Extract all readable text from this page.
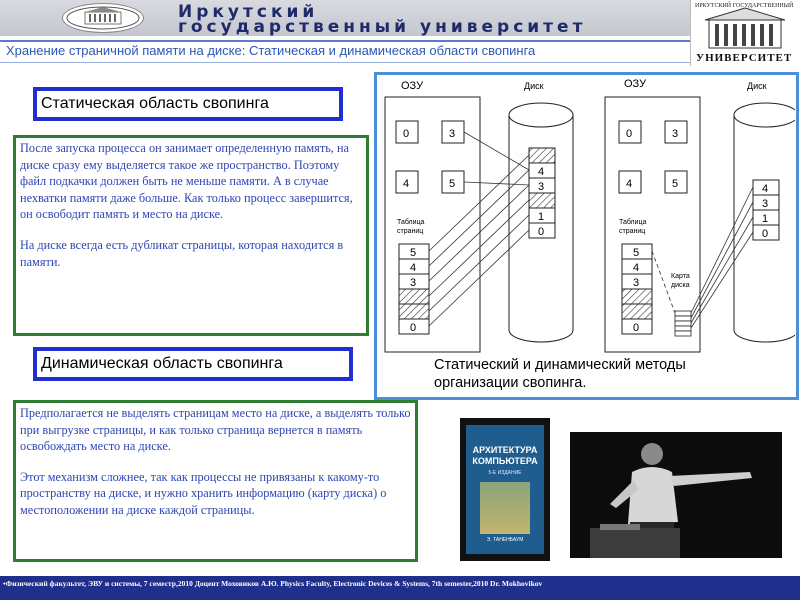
Иркутский
государственный университет
ИРКУТСКИЙ ГОСУДАРСТВЕННЫЙ
УНИВЕРСИТЕТ
Хранение страничной памяти на диске: Статическая и динамическая области свопинга
Статическая область свопинга

После запуска процесса он занимает определенную память, на диске сразу ему выделяется такое же пространство. Поэтому файл подкачки должен быть не меньше памяти. А в случае нехватки памяти даже больше. Как только процесс завершится, он освободит память и место на диске.

На диске всегда есть дубликат страницы, которая находится в памяти.

Динамическая область свопинга

Предполагается не выделять страницам место на диске, а выделять только при выгрузке страницы, и как только страница вернется в память освобождать место на диске.

Этот механизм сложнее, так как процессы не привязаны к какому-то пространству на диске, и нужно хранить информацию (карту диска) о местоположении на диске каждой страницы.

ОЗУ	Диск
0	3
4	5
Таблица
страниц
5
4
3
0
4
3
1
0
ОЗУ	Диск
0	3
4	5
Таблица
страниц
5
4
3
0
Карта
диска
4
3
1
0
Статический и динамический методы организации свопинга.
АРХИТЕКТУРА
КОМПЬЮТЕРА
5-Е ИЗДАНИЕ
Э. ТАНЕНБАУМ
•Физический факультет, ЭВУ и системы, 7 семестр,2010 Доцент Моховиков А.Ю. Physics Faculty, Electronic Devices & Systems, 7th semester,2010 Dr. Mokhovikov
